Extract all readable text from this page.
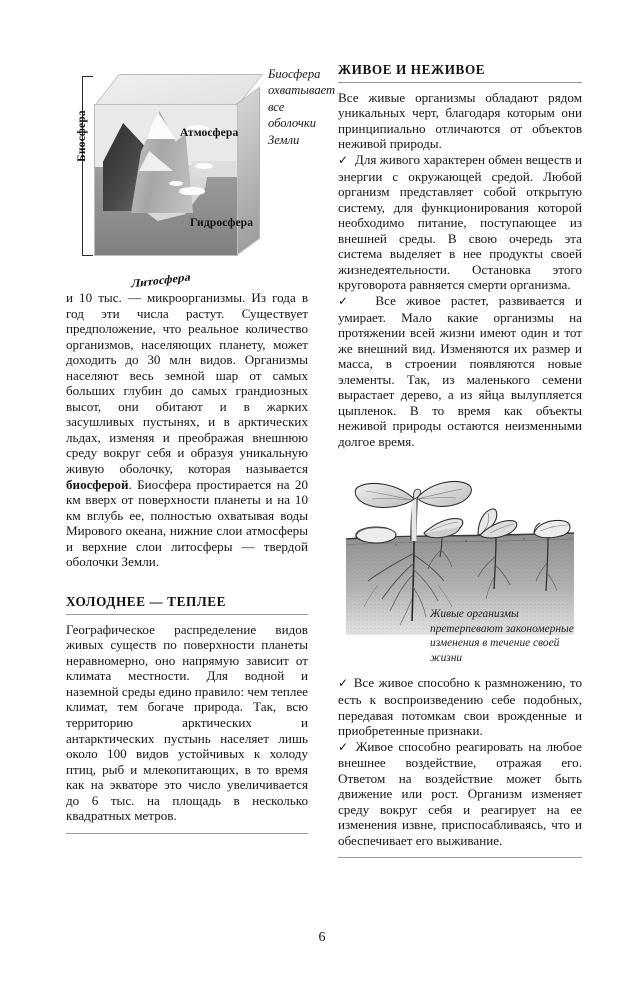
Атмосфера
Гидросфера
Литосфера
Биосфера
Биосфера охватывает все оболочки Земли

и 10 тыс. — микроорганизмы. Из года в год эти числа растут. Существует предположение, что реальное количество организмов, населяющих планету, может доходить до 30 млн видов. Организмы населяют весь земной шар от самых больших глубин до самых грандиозных высот, они обитают и в жарких засушливых пустынях, и в арктических льдах, изменяя и преображая внешнюю среду вокруг себя и образуя уникальную живую оболочку, которая называется биосферой. Биосфера простирается на 20 км вверх от поверхности планеты и на 10 км вглубь ее, полностью охватывая воды Мирового океана, нижние слои атмосферы и верхние слои литосферы — твердой оболочки Земли.

ХОЛОДНЕЕ — ТЕПЛЕЕ

Географическое распределение видов живых существ по поверхности планеты неравномерно, оно напрямую зависит от климата местности. Для водной и наземной среды едино правило: чем теплее климат, тем богаче природа. Так, всю территорию арктических и антарктических пустынь населяет лишь около 100 видов устойчивых к холоду птиц, рыб и млекопитающих, в то время как на экваторе это число увеличивается до 6 тыс. на площадь в несколько квадратных метров.

ЖИВОЕ И НЕЖИВОЕ

Все живые организмы обладают рядом уникальных черт, благодаря которым они принципиально отличаются от объектов неживой природы.

✓ Для живого характерен обмен веществ и энергии с окружающей средой. Любой организм представляет собой открытую систему, для функционирования которой необходимо питание, поступающее из внешней среды. В свою очередь эта система выделяет в нее продукты своей жизнедеятельности. Остановка этого круговорота равняется смерти организма.

✓ Все живое растет, развивается и умирает. Мало какие организмы на протяжении всей жизни имеют один и тот же внешний вид. Изменяются их размер и масса, в строении появляются новые элементы. Так, из маленького семени вырастает дерево, а из яйца вылупляется цыпленок. В то время как объекты неживой природы остаются неизменными долгое время.

Живые организмы претерпевают закономерные изменения в течение своей жизни

✓ Все живое способно к размножению, то есть к воспроизведению себе подобных, передавая потомкам свои врожденные и приобретенные признаки.

✓ Живое способно реагировать на любое внешнее воздействие, отражая его. Ответом на воздействие может быть движение или рост. Организм изменяет среду вокруг себя и реагирует на ее изменения извне, приспосабливаясь, что и обеспечивает его выживание.

6
